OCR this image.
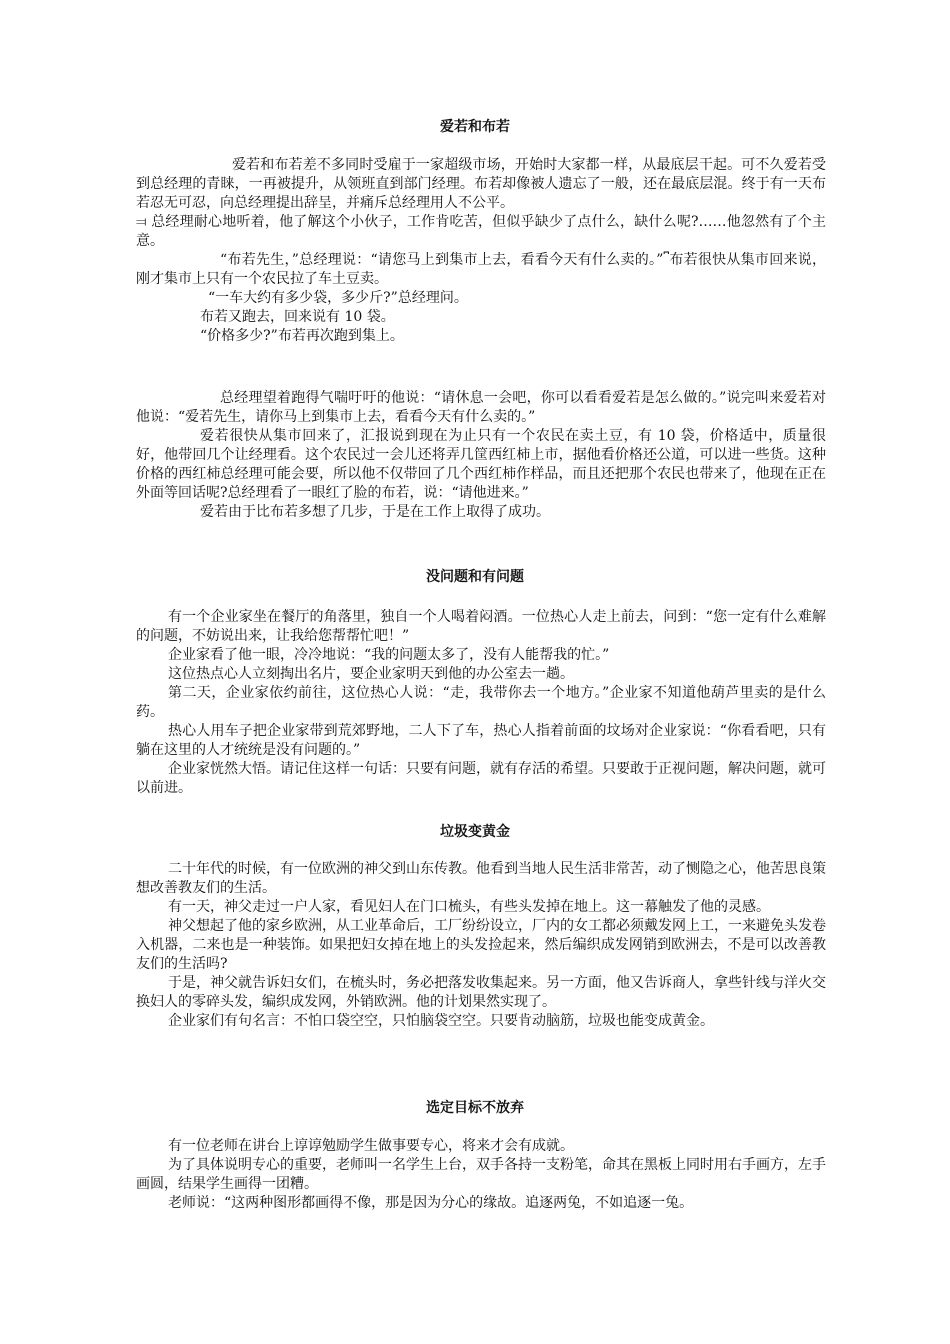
爱若和布若

爱若和布若差不多同时受雇于一家超级市场，开始时大家都一样，从最底层干起。可不久爱若受到总经理的青睐，一再被提升，从领班直到部门经理。布若却像被人遗忘了一般，还在最底层混。终于有一天布若忍无可忍，向总经理提出辞呈，并痛斥总经理用人不公平。

⫤ 总经理耐心地听着，他了解这个小伙子，工作肯吃苦，但似乎缺少了点什么，缺什么呢?……他忽然有了个主意。

“布若先生，”总经理说：“请您马上到集市上去，看看今天有什么卖的。”⎴布若很快从集市回来说，刚才集市上只有一个农民拉了车土豆卖。

“一车大约有多少袋，多少斤?”总经理问。

布若又跑去，回来说有 10 袋。

“价格多少?”布若再次跑到集上。

总经理望着跑得气喘吁吁的他说：“请休息一会吧，你可以看看爱若是怎么做的。”说完叫来爱若对他说：“爱若先生，请你马上到集市上去，看看今天有什么卖的。”

爱若很快从集市回来了，汇报说到现在为止只有一个农民在卖土豆，有 10 袋，价格适中，质量很好，他带回几个让经理看。这个农民过一会儿还将弄几筐西红柿上市，据他看价格还公道，可以进一些货。这种价格的西红柿总经理可能会要，所以他不仅带回了几个西红柿作样品，而且还把那个农民也带来了，他现在正在外面等回话呢?总经理看了一眼红了脸的布若，说：“请他进来。”

爱若由于比布若多想了几步，于是在工作上取得了成功。

没问题和有问题

有一个企业家坐在餐厅的角落里，独自一个人喝着闷酒。一位热心人走上前去，问到：“您一定有什么难解的问题，不妨说出来，让我给您帮帮忙吧！”

企业家看了他一眼，冷冷地说：“我的问题太多了，没有人能帮我的忙。”

这位热点心人立刻掏出名片，要企业家明天到他的办公室去一趟。

第二天，企业家依约前往，这位热心人说：“走，我带你去一个地方。”企业家不知道他葫芦里卖的是什么药。

热心人用车子把企业家带到荒郊野地，二人下了车，热心人指着前面的坟场对企业家说：“你看看吧，只有躺在这里的人才统统是没有问题的。”

企业家恍然大悟。请记住这样一句话：只要有问题，就有存活的希望。只要敢于正视问题，解决问题，就可以前进。

垃圾变黄金

二十年代的时候，有一位欧洲的神父到山东传教。他看到当地人民生活非常苦，动了恻隐之心，他苦思良策想改善教友们的生活。

有一天，神父走过一户人家，看见妇人在门口梳头，有些头发掉在地上。这一幕触发了他的灵感。

神父想起了他的家乡欧洲，从工业革命后，工厂纷纷设立，厂内的女工都必须戴发网上工，一来避免头发卷入机器，二来也是一种装饰。如果把妇女掉在地上的头发捡起来，然后编织成发网销到欧洲去，不是可以改善教友们的生活吗?

于是，神父就告诉妇女们，在梳头时，务必把落发收集起来。另一方面，他又告诉商人，拿些针线与洋火交换妇人的零碎头发，编织成发网，外销欧洲。他的计划果然实现了。

企业家们有句名言：不怕口袋空空，只怕脑袋空空。只要肯动脑筋，垃圾也能变成黄金。

选定目标不放弃

有一位老师在讲台上谆谆勉励学生做事要专心，将来才会有成就。

为了具体说明专心的重要，老师叫一名学生上台，双手各持一支粉笔，命其在黑板上同时用右手画方，左手画圆，结果学生画得一团糟。

老师说：“这两种图形都画得不像，那是因为分心的缘故。追逐两兔，不如追逐一兔。
